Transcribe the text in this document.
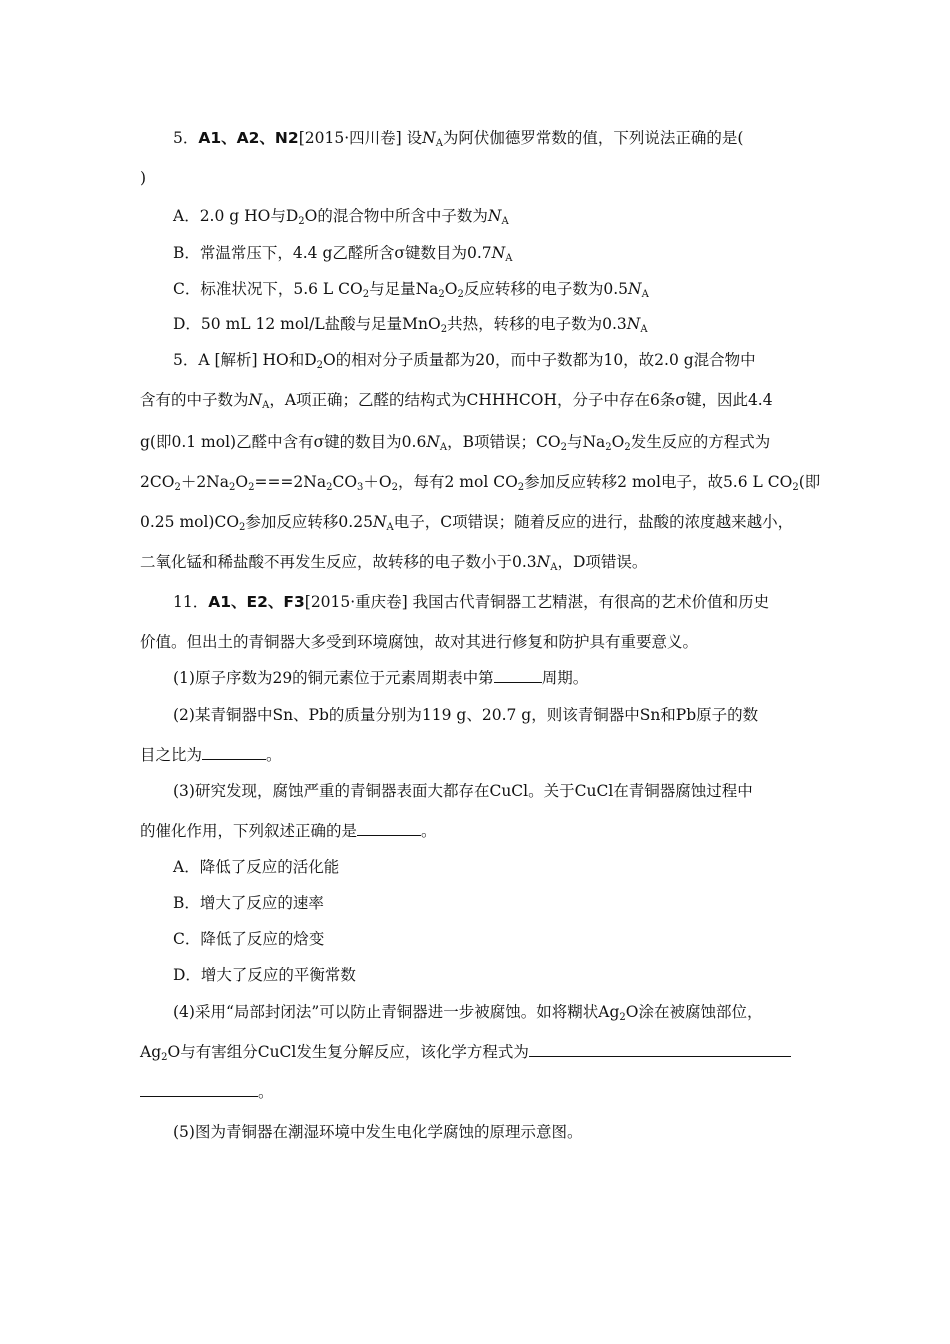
5．A1、A2、N2[2015·四川卷] 设$N_A$为阿伏伽德罗常数的值，下列说法正确的是(
)
A．2.0 g HO与$D_2O$的混合物中所含中子数为$N_A$
B．常温常压下，4.4 g乙醛所含σ键数目为$0.7N_A$
C．标准状况下，5.6 L $CO_2$与足量$Na_2O_2$反应转移的电子数为$0.5N_A$
D．50 mL 12 mol/L盐酸与足量MnO$_2$共热，转移的电子数为$0.3N_A$
5．A [解析] HO和$D_2O$的相对分子质量都为20，而中子数都为10，故2.0 g混合物中
含有的中子数为$N_A$，A项正确；乙醛的结构式为CHHHCOH，分子中存在6条σ键，因此4.4
g(即0.1 mol)乙醛中含有σ键的数目为$0.6N_A$，B项错误；$CO_2$与$Na_2O_2$发生反应的方程式为
$2CO_2+2Na_2O_2===2Na_2CO_3+O_2$，每有2 mol $CO_2$参加反应转移2 mol电子，故5.6 L $CO_2$(即
0.25 $mol)CO_2$参加反应转移$0.25N_A$电子，C项错误；随着反应的进行，盐酸的浓度越来越小，
二氧化锰和稀盐酸不再发生反应，故转移的电子数小于$0.3N_A$，D项错误。
11．A1、E2、F3[2015·重庆卷] 我国古代青铜器工艺精湛，有很高的艺术价值和历史
价值。但出土的青铜器大多受到环境腐蚀，故对其进行修复和防护具有重要意义。
(1)原子序数为29的铜元素位于元素周期表中第	周期。
(2)某青铜器中Sn、Pb的质量分别为119 g、20.7 g，则该青铜器中Sn和Pb原子的数
目之比为	。
(3)研究发现，腐蚀严重的青铜器表面大都存在CuCl。关于CuCl在青铜器腐蚀过程中
的催化作用，下列叙述正确的是	。
A．降低了反应的活化能
B．增大了反应的速率
C．降低了反应的焓变
D．增大了反应的平衡常数
(4)采用“局部封闭法”可以防止青铜器进一步被腐蚀。如将糊状$Ag_2O$涂在被腐蚀部位，
$Ag_2O$与有害组分CuCl发生复分解反应，该化学方程式为
。
(5)图为青铜器在潮湿环境中发生电化学腐蚀的原理示意图。
